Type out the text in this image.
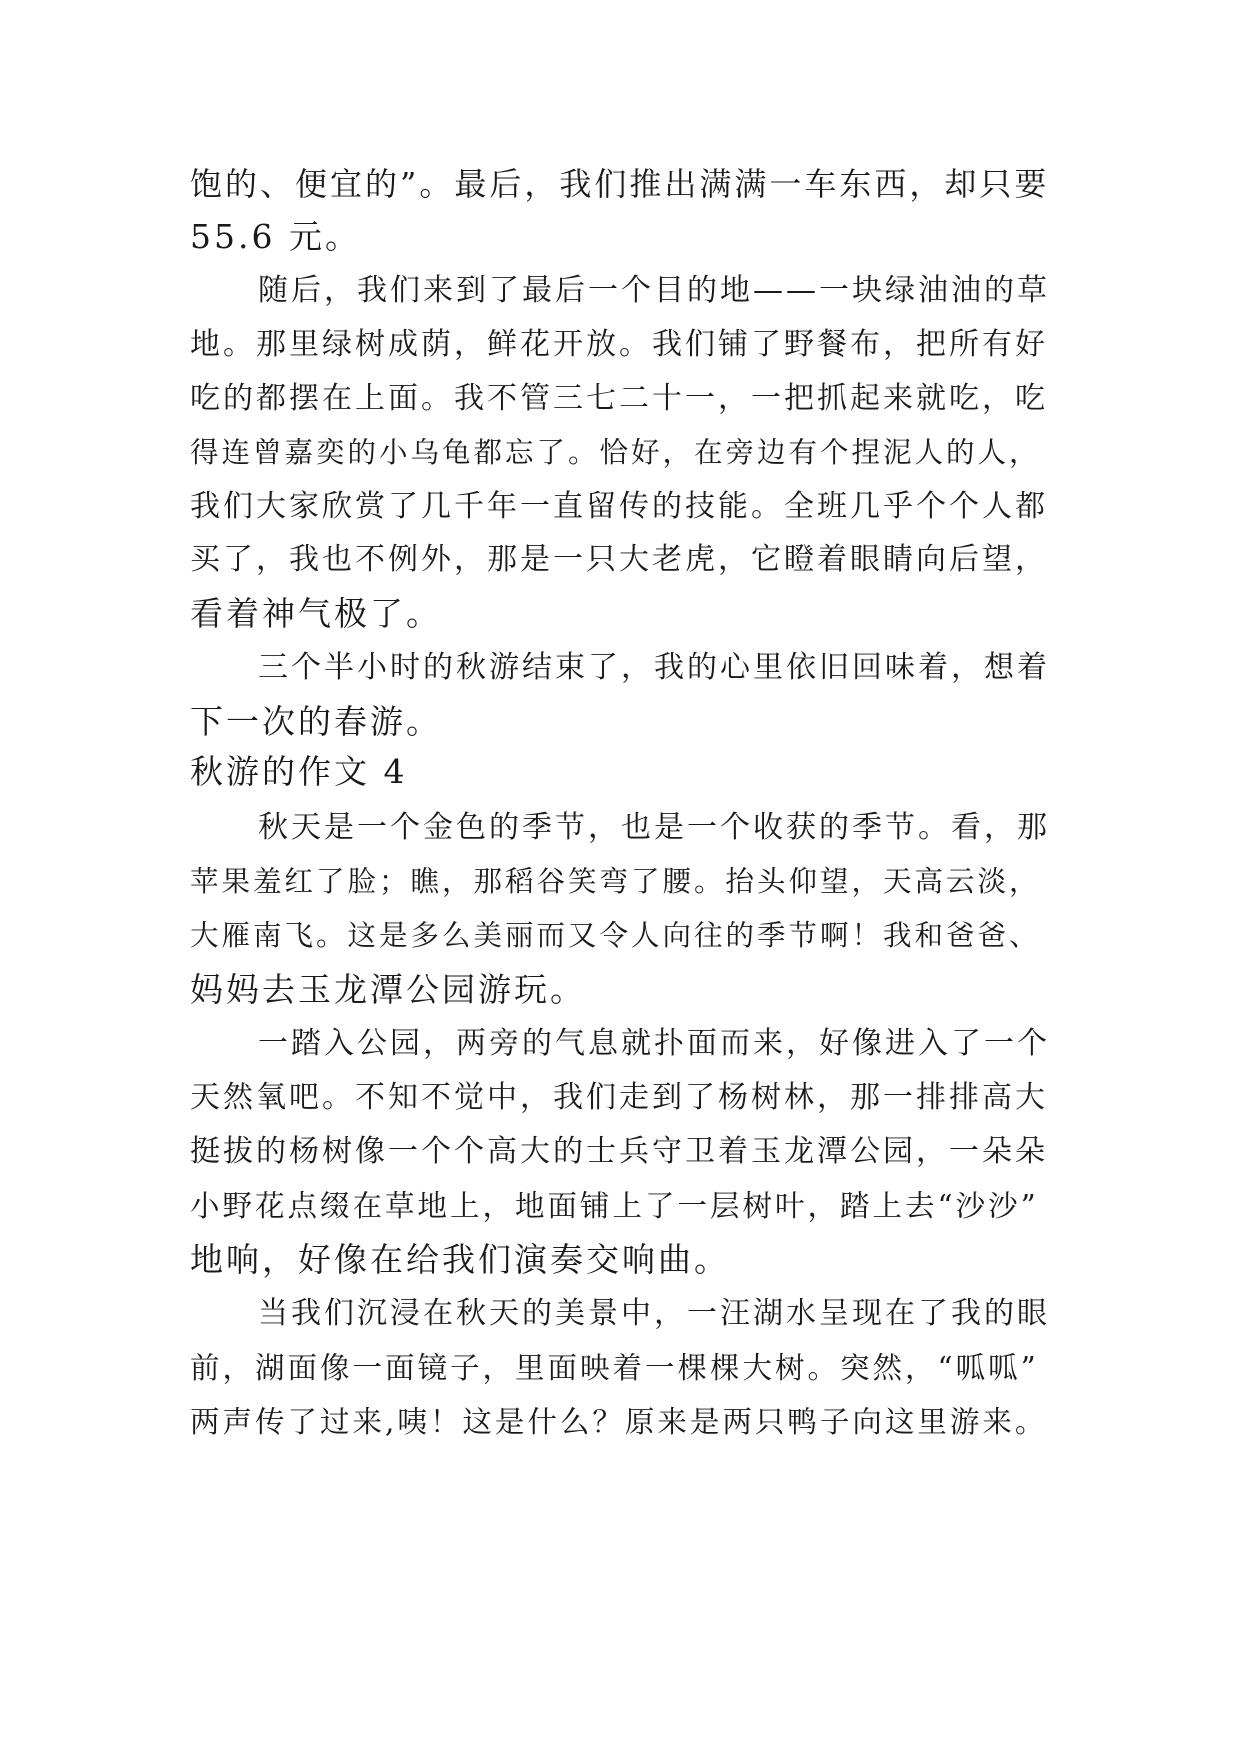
饱的、便宜的”。最后，我们推出满满一车东西，却只要
55.6 元。
随后，我们来到了最后一个目的地——一块绿油油的草
地。那里绿树成荫，鲜花开放。我们铺了野餐布，把所有好
吃的都摆在上面。我不管三七二十一，一把抓起来就吃，吃
得连曾嘉奕的小乌龟都忘了。恰好，在旁边有个捏泥人的人，
我们大家欣赏了几千年一直留传的技能。全班几乎个个人都
买了，我也不例外，那是一只大老虎，它瞪着眼睛向后望，
看着神气极了。
三个半小时的秋游结束了，我的心里依旧回味着，想着
下一次的春游。
秋游的作文 4
秋天是一个金色的季节，也是一个收获的季节。看，那
苹果羞红了脸；瞧，那稻谷笑弯了腰。抬头仰望，天高云淡，
大雁南飞。这是多么美丽而又令人向往的季节啊！我和爸爸、
妈妈去玉龙潭公园游玩。
一踏入公园，两旁的气息就扑面而来，好像进入了一个
天然氧吧。不知不觉中，我们走到了杨树林，那一排排高大
挺拔的杨树像一个个高大的士兵守卫着玉龙潭公园，一朵朵
小野花点缀在草地上，地面铺上了一层树叶，踏上去“沙沙”
地响，好像在给我们演奏交响曲。
当我们沉浸在秋天的美景中，一汪湖水呈现在了我的眼
前，湖面像一面镜子，里面映着一棵棵大树。突然，“呱呱”
两声传了过来,咦！这是什么？原来是两只鸭子向这里游来。
